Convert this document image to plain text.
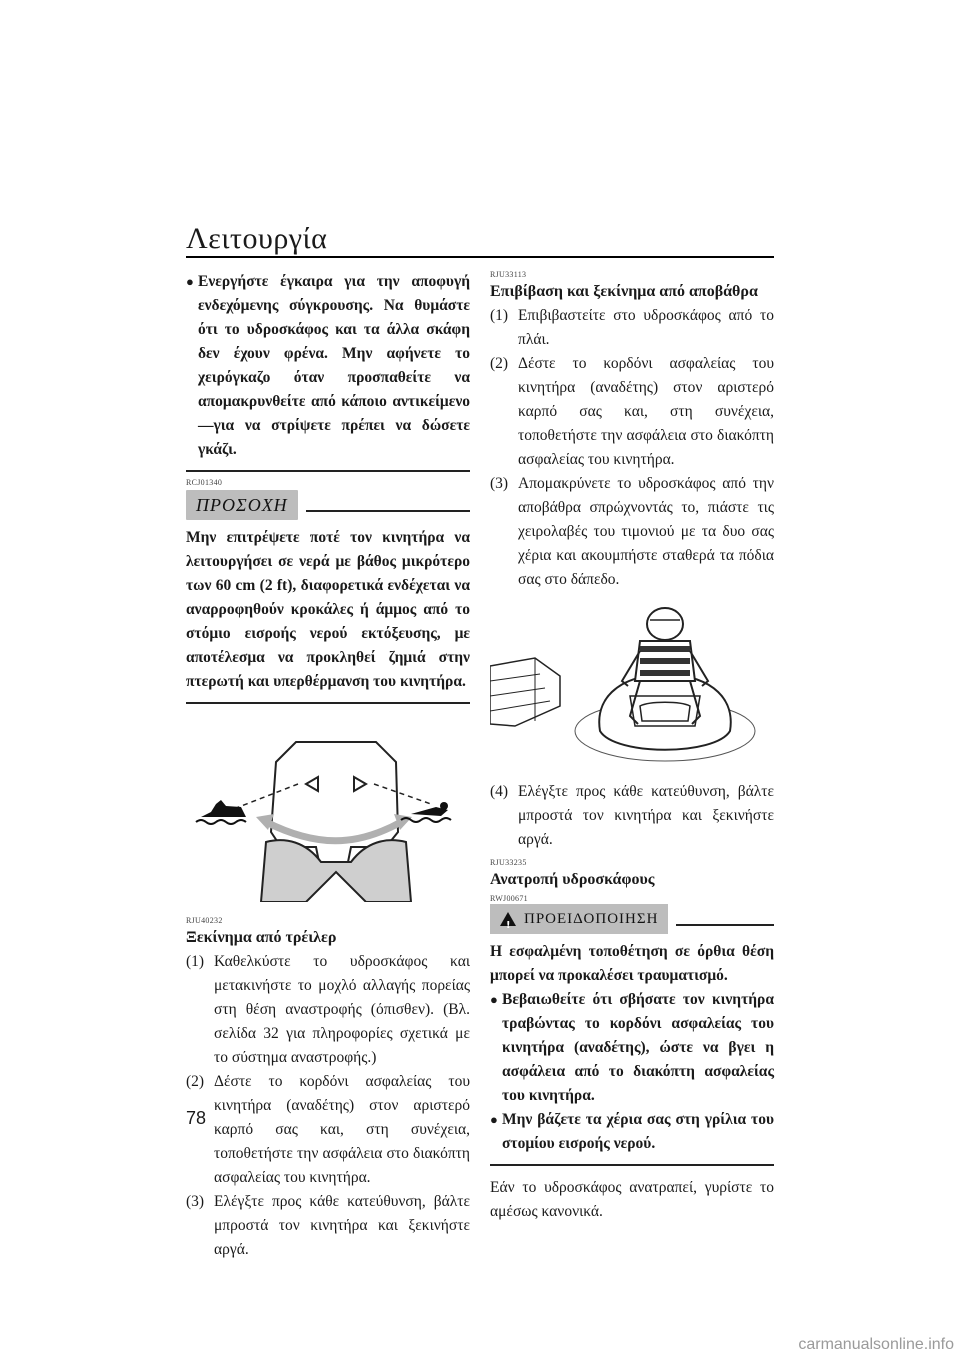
Λειτουργία
● Ενεργήστε έγκαιρα για την αποφυγή ενδεχόμενης σύγκρουσης. Να θυμάστε ότι το υδροσκάφος και τα άλλα σκάφη δεν έχουν φρένα. Μην αφήνετε το χειρόγκαζο όταν προσπαθείτε να απομακρυνθείτε από κάποιο αντικείμενο—για να στρίψετε πρέπει να δώσετε γκάζι.
RCJ01340
ΠΡΟΣΟΧΗ
Μην επιτρέψετε ποτέ τον κινητήρα να λειτουργήσει σε νερά με βάθος μικρότερο των 60 cm (2 ft), διαφορετικά ενδέχεται να αναρροφηθούν κροκάλες ή άμμος από το στόμιο εισροής νερού εκτόξευσης, με αποτέλεσμα να προκληθεί ζημιά στην πτερωτή και υπερθέρμανση του κινητήρα.
RJU40232
Ξεκίνημα από τρέιλερ
(1) Καθελκύστε το υδροσκάφος και μετακινήστε το μοχλό αλλαγής πορείας στη θέση αναστροφής (όπισθεν). (Βλ. σελίδα 32 για πληροφορίες σχετικά με το σύστημα αναστροφής.)
(2) Δέστε το κορδόνι ασφαλείας του κινητήρα (αναδέτης) στον αριστερό καρπό σας και, στη συνέχεια, τοποθετήστε την ασφάλεια στο διακόπτη ασφαλείας του κινητήρα.
(3) Ελέγξτε προς κάθε κατεύθυνση, βάλτε μπροστά τον κινητήρα και ξεκινήστε αργά.
RJU33113
Επιβίβαση και ξεκίνημα από αποβάθρα
(1) Επιβιβαστείτε στο υδροσκάφος από το πλάι.
(2) Δέστε το κορδόνι ασφαλείας του κινητήρα (αναδέτης) στον αριστερό καρπό σας και, στη συνέχεια, τοποθετήστε την ασφάλεια στο διακόπτη ασφαλείας του κινητήρα.
(3) Απομακρύνετε το υδροσκάφος από την αποβάθρα σπρώχνοντάς το, πιάστε τις χειρολαβές του τιμονιού με τα δυο σας χέρια και ακουμπήστε σταθερά τα πόδια σας στο δάπεδο.
(4) Ελέγξτε προς κάθε κατεύθυνση, βάλτε μπροστά τον κινητήρα και ξεκινήστε αργά.
RJU33235
Ανατροπή υδροσκάφους
RWJ00671
! ΠΡΟΕΙΔΟΠΟΙΗΣΗ
Η εσφαλμένη τοποθέτηση σε όρθια θέση μπορεί να προκαλέσει τραυματισμό.
● Βεβαιωθείτε ότι σβήσατε τον κινητήρα τραβώντας το κορδόνι ασφαλείας του κινητήρα (αναδέτης), ώστε να βγει η ασφάλεια από το διακόπτη ασφαλείας του κινητήρα.
● Μην βάζετε τα χέρια σας στη γρίλια του στομίου εισροής νερού.
Εάν το υδροσκάφος ανατραπεί, γυρίστε το αμέσως κανονικά.
78
carmanualsonline.info
